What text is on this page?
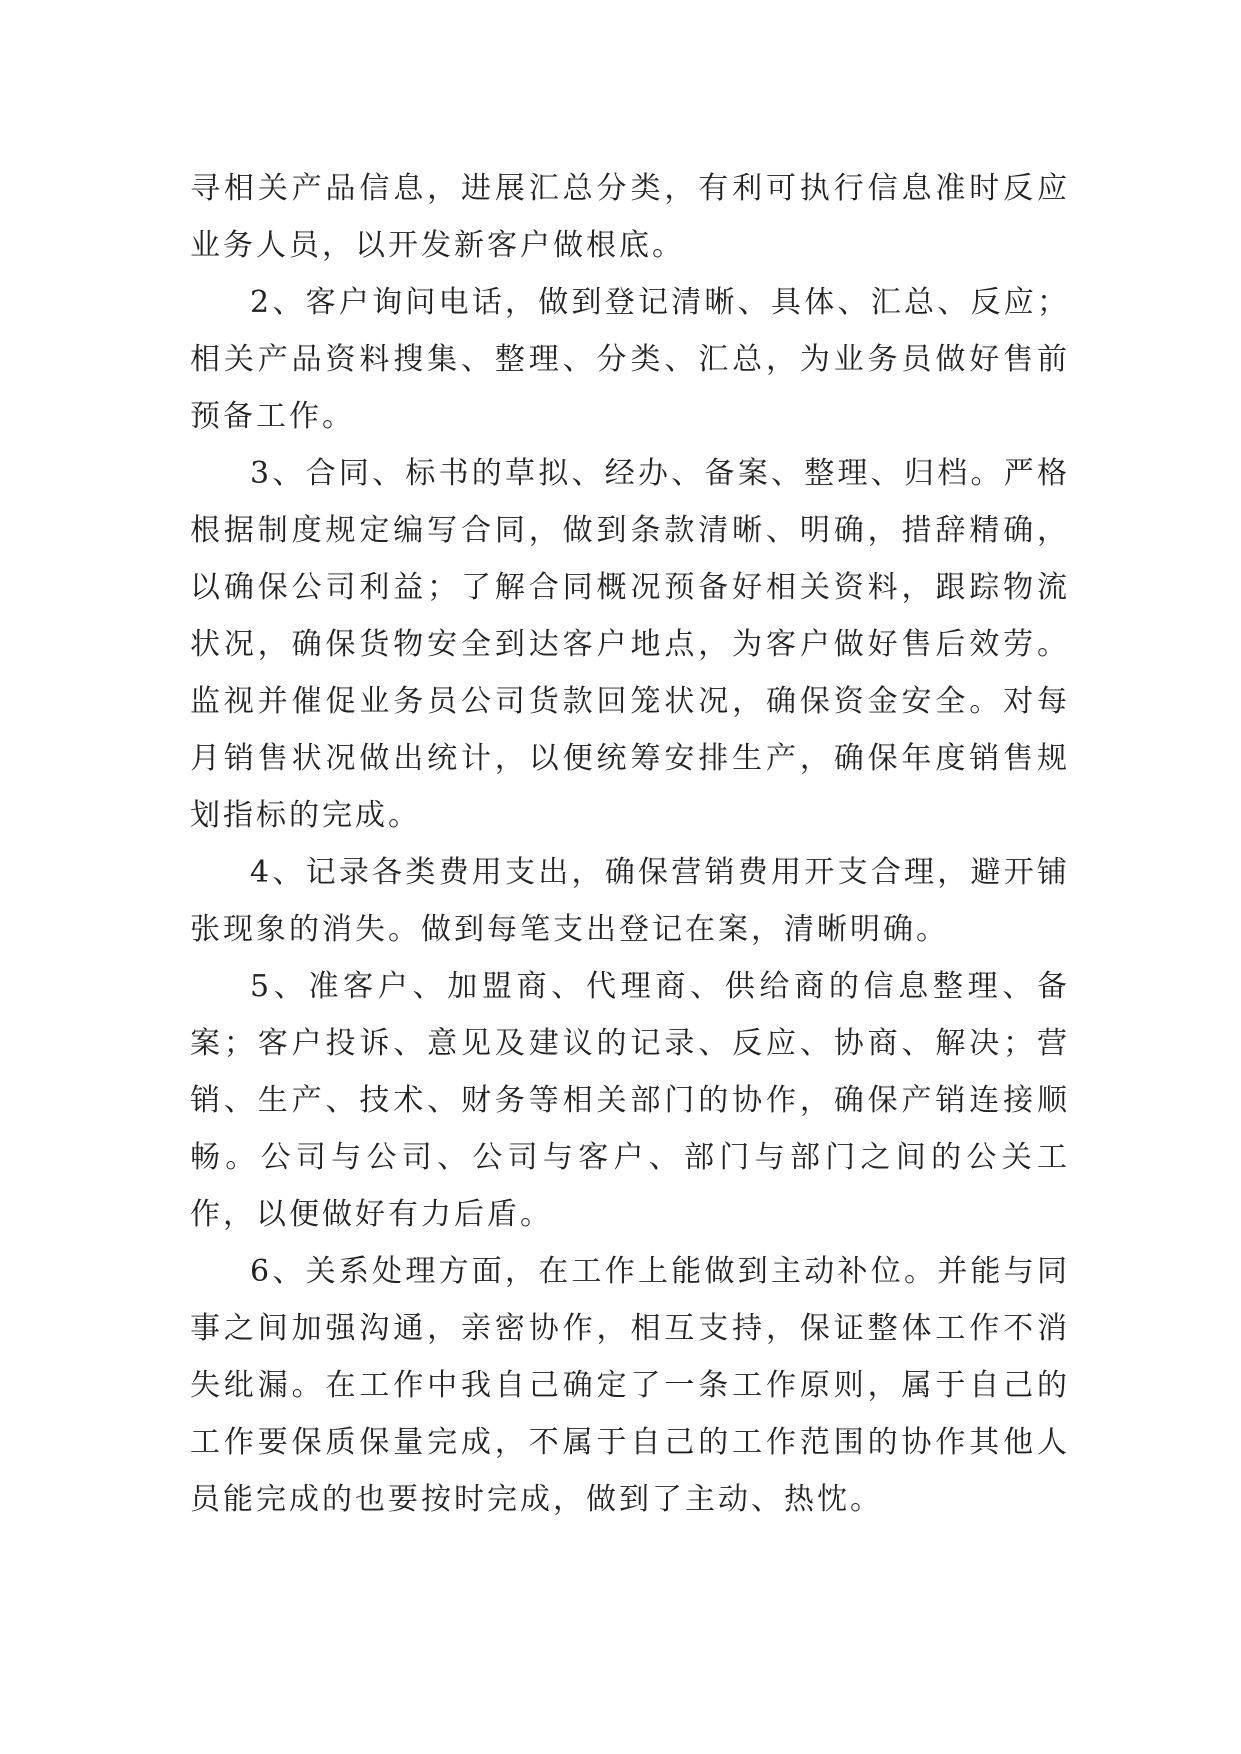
寻相关产品信息，进展汇总分类，有利可执行信息准时反应业务人员，以开发新客户做根底。

2、客户询问电话，做到登记清晰、具体、汇总、反应；相关产品资料搜集、整理、分类、汇总，为业务员做好售前预备工作。

3、合同、标书的草拟、经办、备案、整理、归档。严格根据制度规定编写合同，做到条款清晰、明确，措辞精确，以确保公司利益；了解合同概况预备好相关资料，跟踪物流状况，确保货物安全到达客户地点，为客户做好售后效劳。监视并催促业务员公司货款回笼状况，确保资金安全。对每月销售状况做出统计，以便统筹安排生产，确保年度销售规划指标的完成。

4、记录各类费用支出，确保营销费用开支合理，避开铺张现象的消失。做到每笔支出登记在案，清晰明确。

5、准客户、加盟商、代理商、供给商的信息整理、备案；客户投诉、意见及建议的记录、反应、协商、解决；营销、生产、技术、财务等相关部门的协作，确保产销连接顺畅。公司与公司、公司与客户、部门与部门之间的公关工作，以便做好有力后盾。

6、关系处理方面，在工作上能做到主动补位。并能与同事之间加强沟通，亲密协作，相互支持，保证整体工作不消失纰漏。在工作中我自己确定了一条工作原则，属于自己的工作要保质保量完成，不属于自己的工作范围的协作其他人员能完成的也要按时完成，做到了主动、热忱。
